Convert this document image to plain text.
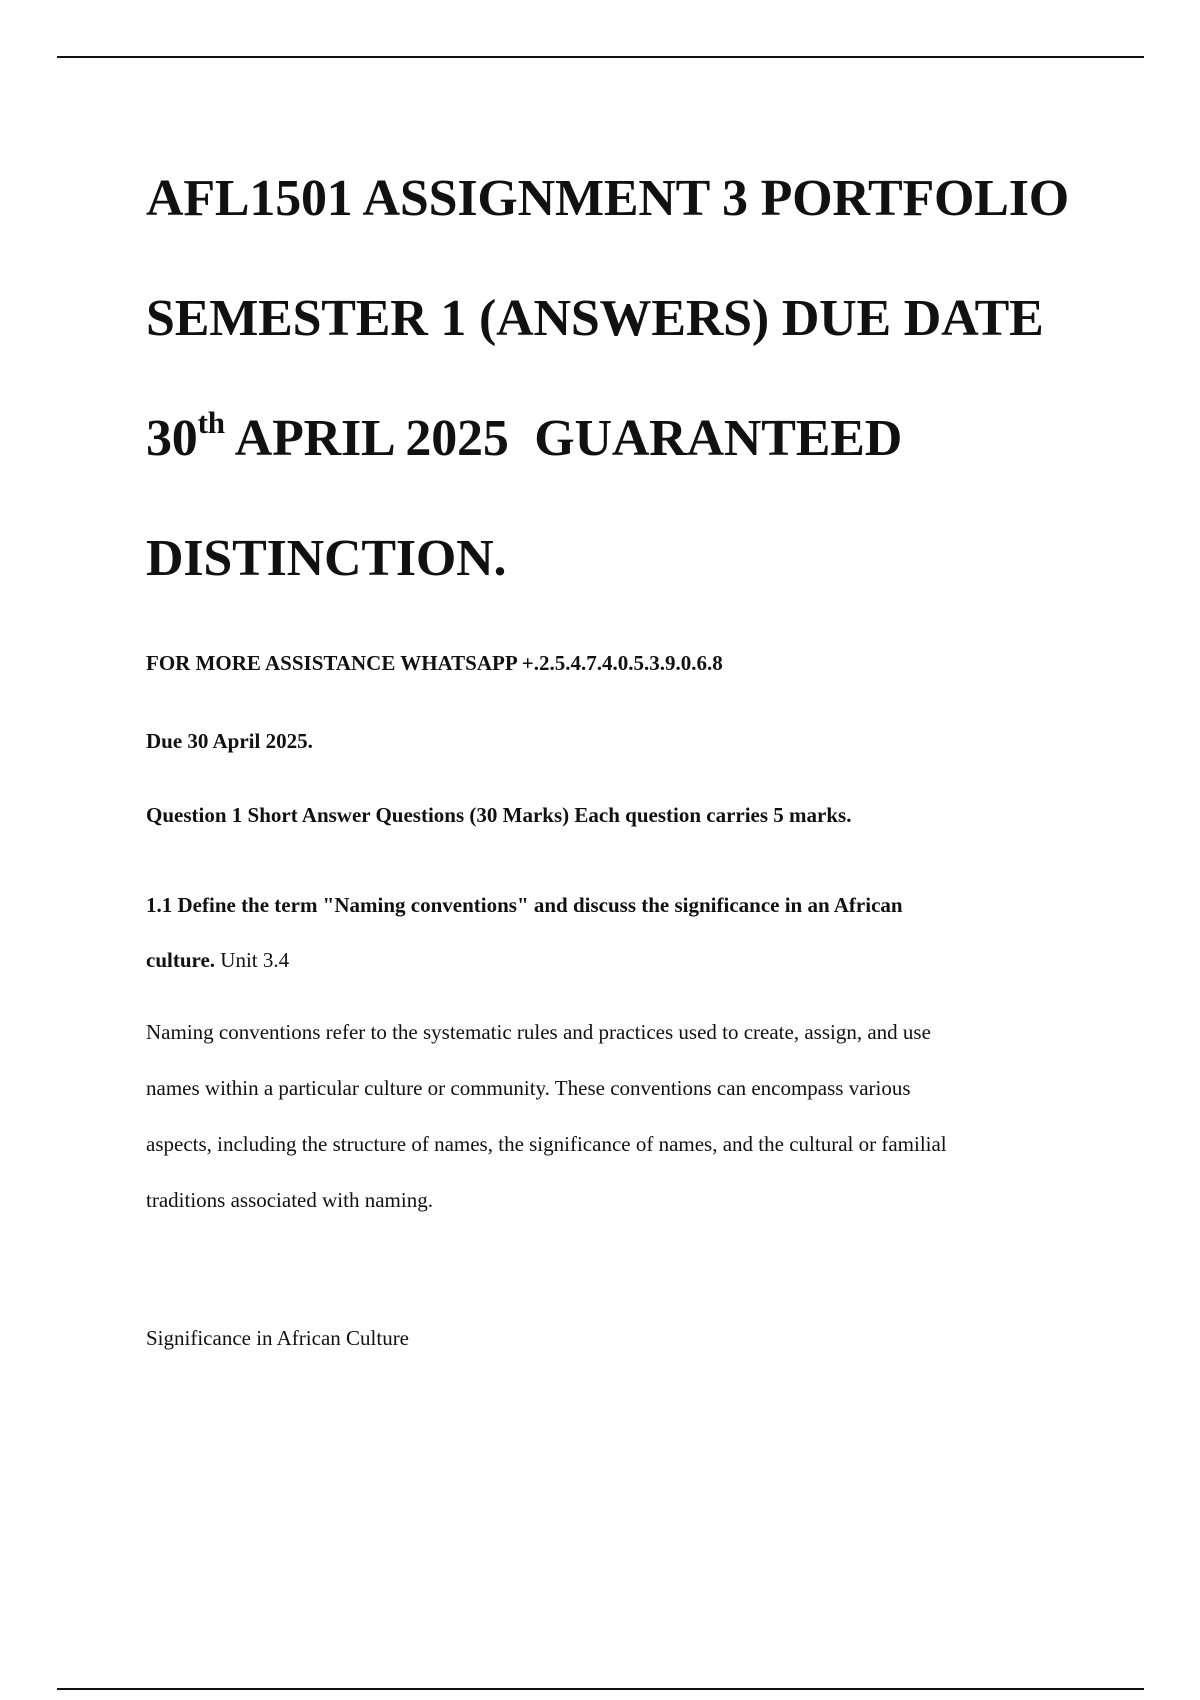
AFL1501 ASSIGNMENT 3 PORTFOLIO
SEMESTER 1 (ANSWERS) DUE DATE
30th APRIL 2025  GUARANTEED
DISTINCTION.

FOR MORE ASSISTANCE WHATSAPP +.2.5.4.7.4.0.5.3.9.0.6.8

Due 30 April 2025.

Question 1 Short Answer Questions (30 Marks) Each question carries 5 marks.

1.1 Define the term "Naming conventions" and discuss the significance in an African
culture. Unit 3.4

Naming conventions refer to the systematic rules and practices used to create, assign, and use
names within a particular culture or community. These conventions can encompass various
aspects, including the structure of names, the significance of names, and the cultural or familial
traditions associated with naming.

Significance in African Culture
